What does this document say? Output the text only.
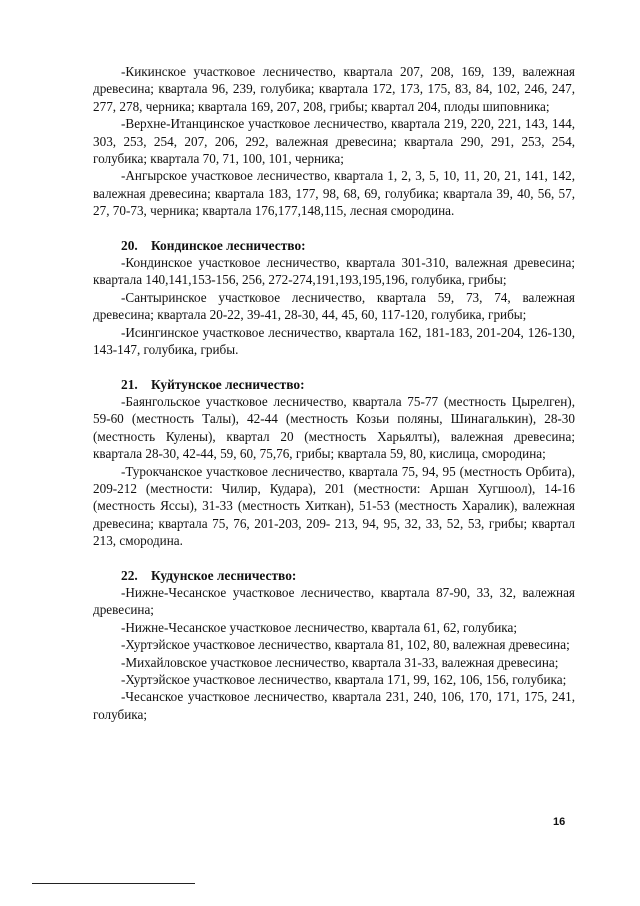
-Кикинское участковое лесничество, квартала 207, 208, 169, 139, валежная древесина; квартала 96, 239, голубика; квартала 172, 173, 175, 83, 84, 102, 246, 247, 277, 278, черника; квартала 169, 207, 208, грибы; квартал 204, плоды шиповника;

-Верхне-Итанцинское участковое лесничество, квартала 219, 220, 221, 143, 144, 303, 253, 254, 207, 206, 292, валежная древесина; квартала 290, 291, 253, 254, голубика; квартала 70, 71, 100, 101, черника;

-Ангырское участковое лесничество, квартала 1, 2, 3, 5, 10, 11, 20, 21, 141, 142, валежная древесина; квартала 183, 177, 98, 68, 69, голубика; квартала 39, 40, 56, 57, 27, 70-73, черника; квартала 176,177,148,115, лесная смородина.

20. Кондинское лесничество:

-Кондинское участковое лесничество, квартала 301-310, валежная древесина; квартала 140,141,153-156, 256, 272-274,191,193,195,196, голубика, грибы;

-Сантыринское участковое лесничество, квартала 59, 73, 74, валежная древесина; квартала 20-22, 39-41, 28-30, 44, 45, 60, 117-120, голубика, грибы;

-Исингинское участковое лесничество, квартала 162, 181-183, 201-204, 126-130, 143-147, голубика, грибы.

21. Куйтунское лесничество:

-Баянгольское участковое лесничество, квартала 75-77 (местность Цырелген), 59-60 (местность Талы), 42-44 (местность Козьи поляны, Шинагалькин), 28-30 (местность Кулены), квартал 20 (местность Харьялты), валежная древесина; квартала 28-30, 42-44, 59, 60, 75,76, грибы; квартала 59, 80, кислица, смородина;

-Турокчанское участковое лесничество, квартала 75, 94, 95 (местность Орбита), 209-212 (местности: Чилир, Кудара), 201 (местности: Аршан Хугшоол), 14-16 (местность Яссы), 31-33 (местность Хиткан), 51-53 (местность Харалик), валежная древесина; квартала 75, 76, 201-203, 209- 213, 94, 95, 32, 33, 52, 53, грибы; квартал 213, смородина.

22. Кудунское лесничество:

-Нижне-Чесанское участковое лесничество, квартала 87-90, 33, 32, валежная древесина;

-Нижне-Чесанское участковое лесничество, квартала 61, 62, голубика;

-Хуртэйское участковое лесничество, квартала 81, 102, 80, валежная древесина;

-Михайловское участковое лесничество, квартала 31-33, валежная древесина;

-Хуртэйское участковое лесничество, квартала 171, 99, 162, 106, 156, голубика;

-Чесанское участковое лесничество, квартала 231, 240, 106, 170, 171, 175, 241, голубика;

16
